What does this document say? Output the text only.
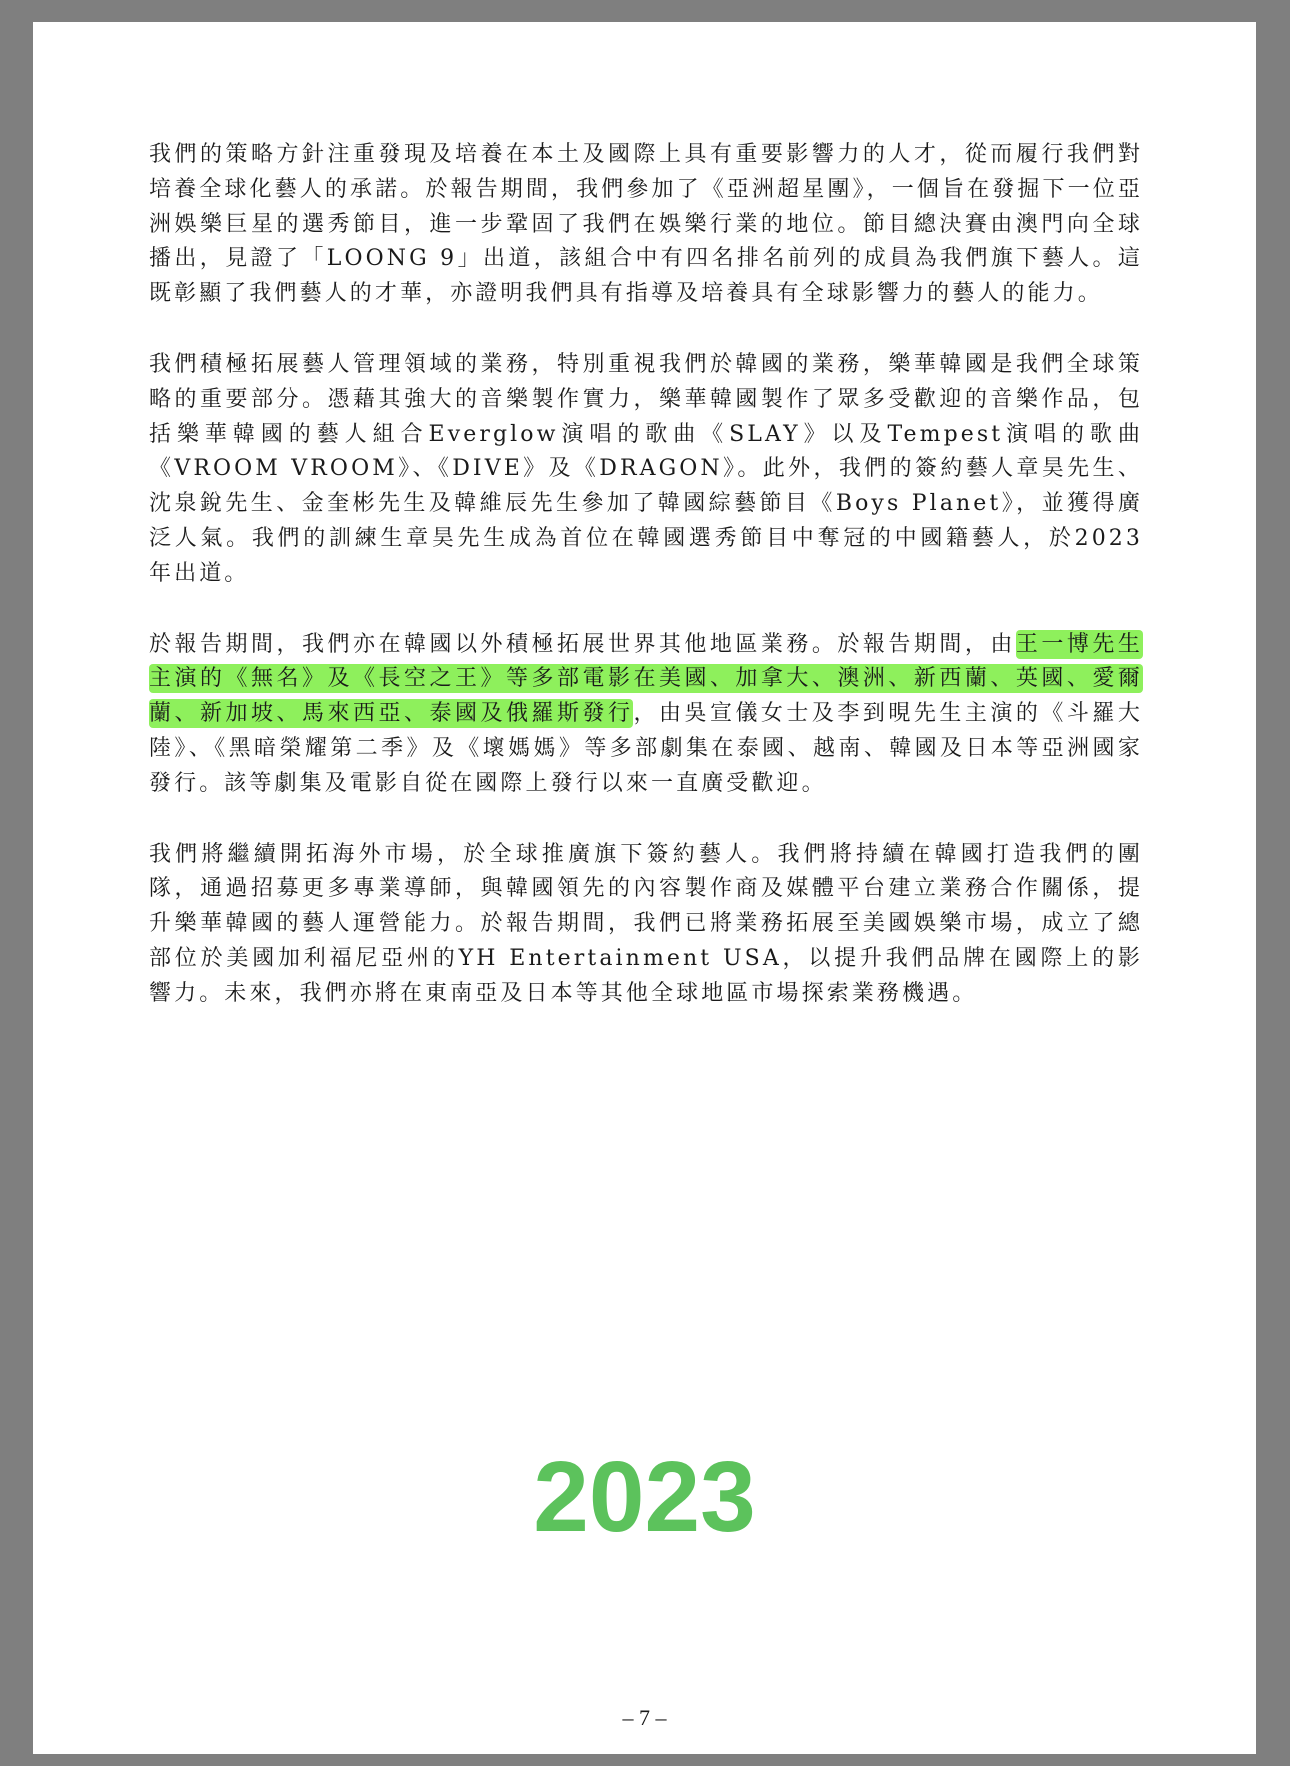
我們的策略方針注重發現及培養在本土及國際上具有重要影響力的人才，從而履行我們對培養全球化藝人的承諾。於報告期間，我們參加了《亞洲超星團》，一個旨在發掘下一位亞洲娛樂巨星的選秀節目，進一步鞏固了我們在娛樂行業的地位。節目總決賽由澳門向全球播出，見證了「LOONG 9」出道，該組合中有四名排名前列的成員為我們旗下藝人。這既彰顯了我們藝人的才華，亦證明我們具有指導及培養具有全球影響力的藝人的能力。

我們積極拓展藝人管理領域的業務，特別重視我們於韓國的業務，樂華韓國是我們全球策略的重要部分。憑藉其強大的音樂製作實力，樂華韓國製作了眾多受歡迎的音樂作品，包括樂華韓國的藝人組合Everglow演唱的歌曲《SLAY》以及Tempest演唱的歌曲《VROOM VROOM》、《DIVE》及《DRAGON》。此外，我們的簽約藝人章昊先生、沈泉銳先生、金奎彬先生及韓維辰先生參加了韓國綜藝節目《Boys Planet》，並獲得廣泛人氣。我們的訓練生章昊先生成為首位在韓國選秀節目中奪冠的中國籍藝人，於2023年出道。

於報告期間，我們亦在韓國以外積極拓展世界其他地區業務。於報告期間，由王一博先生主演的《無名》及《長空之王》等多部電影在美國、加拿大、澳洲、新西蘭、英國、愛爾蘭、新加坡、馬來西亞、泰國及俄羅斯發行，由吳宣儀女士及李到晛先生主演的《斗羅大陸》、《黑暗榮耀第二季》及《壞媽媽》等多部劇集在泰國、越南、韓國及日本等亞洲國家發行。該等劇集及電影自從在國際上發行以來一直廣受歡迎。

我們將繼續開拓海外市場，於全球推廣旗下簽約藝人。我們將持續在韓國打造我們的團隊，通過招募更多專業導師，與韓國領先的內容製作商及媒體平台建立業務合作關係，提升樂華韓國的藝人運營能力。於報告期間，我們已將業務拓展至美國娛樂市場，成立了總部位於美國加利福尼亞州的YH Entertainment USA，以提升我們品牌在國際上的影響力。未來，我們亦將在東南亞及日本等其他全球地區市場探索業務機遇。

2023
– 7 –
